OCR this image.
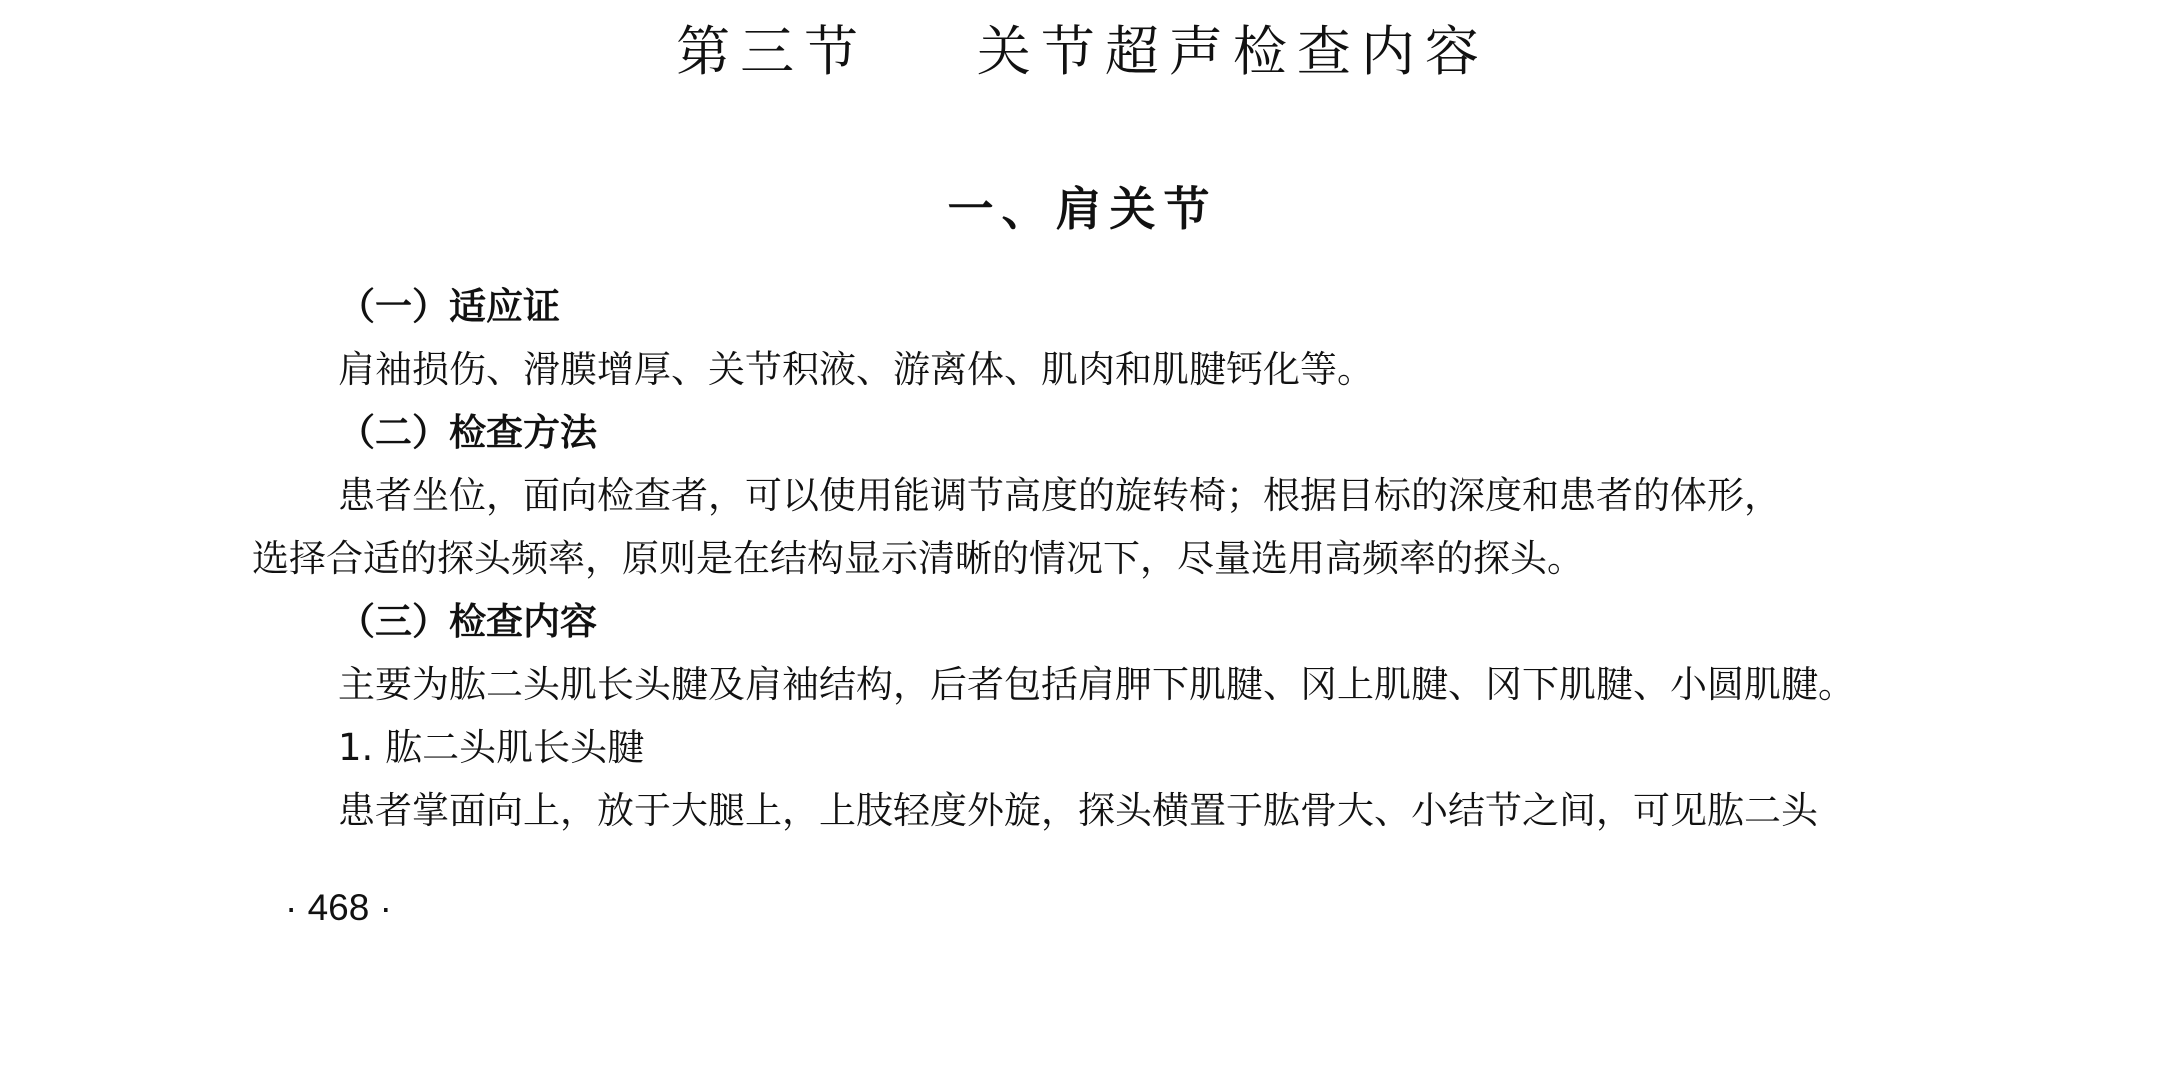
第三节    关节超声检查内容
一、肩关节
（一）适应证
肩袖损伤、滑膜增厚、关节积液、游离体、肌肉和肌腱钙化等。
（二）检查方法
患者坐位，面向检查者，可以使用能调节高度的旋转椅；根据目标的深度和患者的体形，
选择合适的探头频率，原则是在结构显示清晰的情况下，尽量选用高频率的探头。
（三）检查内容
主要为肱二头肌长头腱及肩袖结构，后者包括肩胛下肌腱、冈上肌腱、冈下肌腱、小圆肌腱。
1. 肱二头肌长头腱
患者掌面向上，放于大腿上，上肢轻度外旋，探头横置于肱骨大、小结节之间，可见肱二头
· 468 ·
